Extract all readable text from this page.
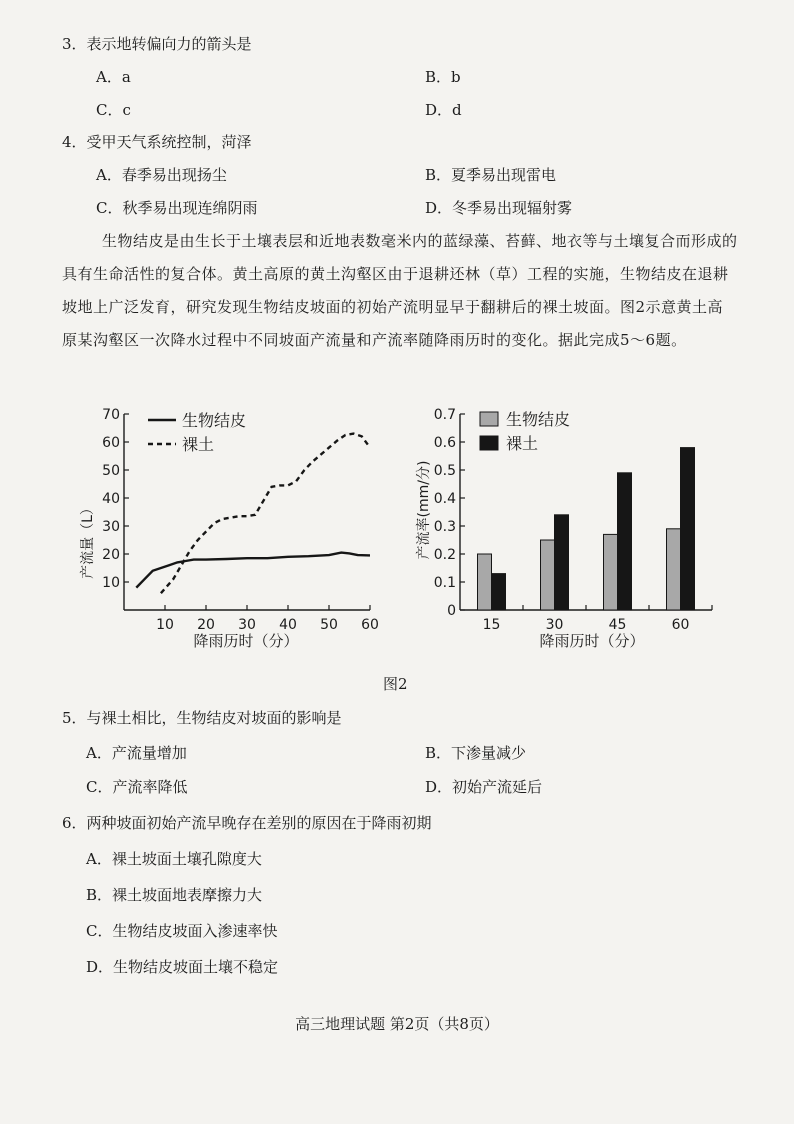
3．表示地转偏向力的箭头是
A．a	B．b
C．c	D．d
4．受甲天气系统控制，菏泽
A．春季易出现扬尘	B．夏季易出现雷电
C．秋季易出现连绵阴雨	D．冬季易出现辐射雾

生物结皮是由生长于土壤表层和近地表数毫米内的蓝绿藻、苔藓、地衣等与土壤复合而形成的具有生命活性的复合体。黄土高原的黄土沟壑区由于退耕还林（草）工程的实施，生物结皮在退耕坡地上广泛发育，研究发现生物结皮坡面的初始产流明显早于翻耕后的裸土坡面。图2示意黄土高原某沟壑区一次降水过程中不同坡面产流量和产流率随降雨历时的变化。据此完成5～6题。

10
20
30
40
50
60
70
10 20 30 40 50 60
生物结皮
裸土
降雨历时（分）
产流量（L）
0
0.1
0.2
0.3
0.4
0.5
0.6
0.7
15	30	45	60
生物结皮
裸土
降雨历时（分）
产流率(mm/分)
图2
5．与裸土相比，生物结皮对坡面的影响是
A．产流量增加	B．下渗量减少
C．产流率降低	D．初始产流延后
6．两种坡面初始产流早晚存在差别的原因在于降雨初期
A．裸土坡面土壤孔隙度大
B．裸土坡面地表摩擦力大
C．生物结皮坡面入渗速率快
D．生物结皮坡面土壤不稳定
高三地理试题 第2页（共8页）
